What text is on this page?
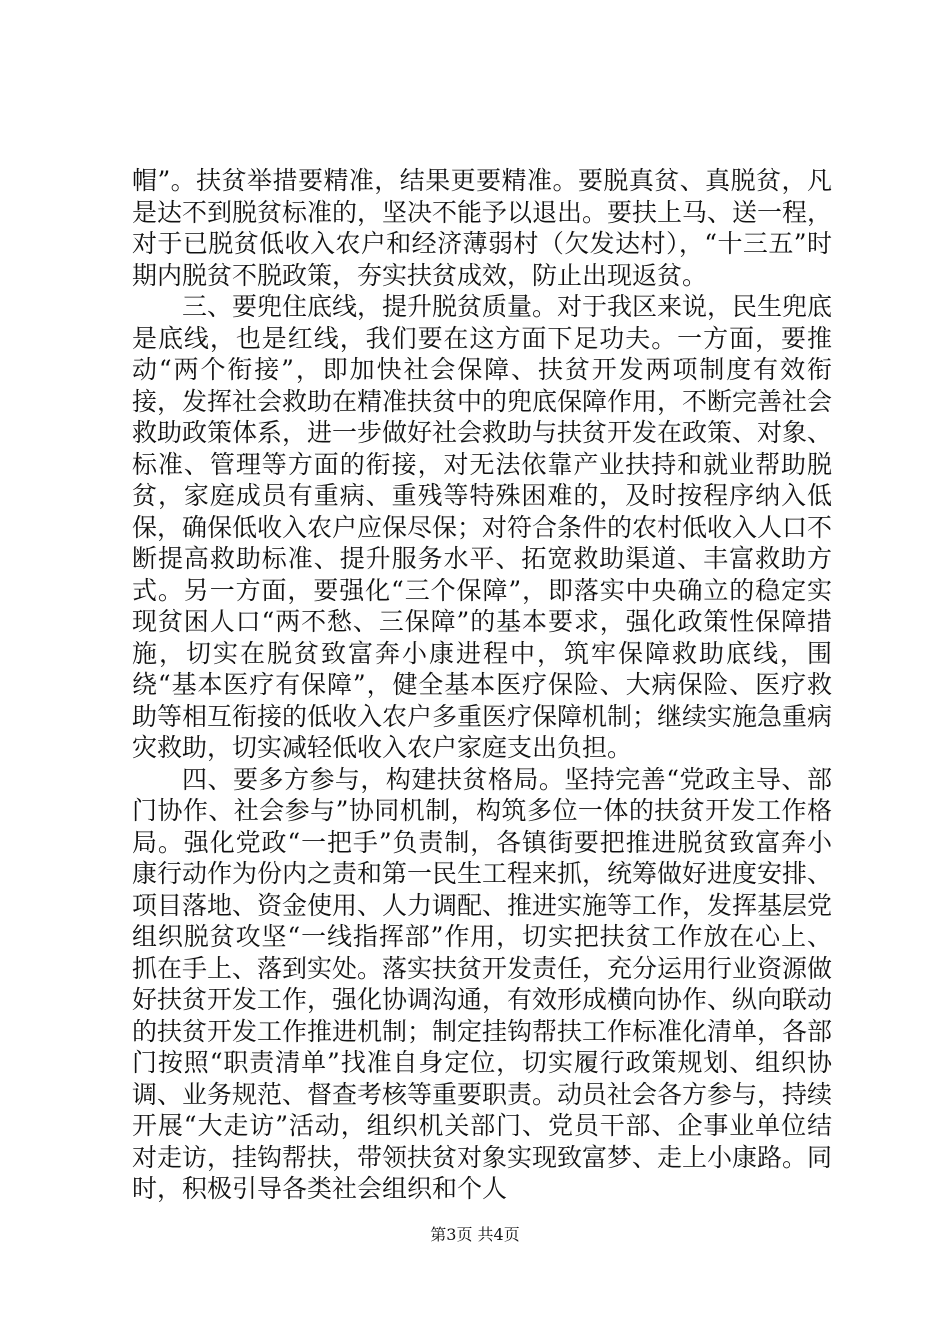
帽”。扶贫举措要精准，结果更要精准。要脱真贫、真脱贫，凡是达不到脱贫标准的，坚决不能予以退出。要扶上马、送一程，对于已脱贫低收入农户和经济薄弱村（欠发达村），“十三五”时期内脱贫不脱政策，夯实扶贫成效，防止出现返贫。

三、要兜住底线，提升脱贫质量。对于我区来说，民生兜底是底线，也是红线，我们要在这方面下足功夫。一方面，要推动“两个衔接”，即加快社会保障、扶贫开发两项制度有效衔接，发挥社会救助在精准扶贫中的兜底保障作用，不断完善社会救助政策体系，进一步做好社会救助与扶贫开发在政策、对象、标准、管理等方面的衔接，对无法依靠产业扶持和就业帮助脱贫，家庭成员有重病、重残等特殊困难的，及时按程序纳入低保，确保低收入农户应保尽保；对符合条件的农村低收入人口不断提高救助标准、提升服务水平、拓宽救助渠道、丰富救助方式。另一方面，要强化“三个保障”，即落实中央确立的稳定实现贫困人口“两不愁、三保障”的基本要求，强化政策性保障措施，切实在脱贫致富奔小康进程中，筑牢保障救助底线，围绕“基本医疗有保障”，健全基本医疗保险、大病保险、医疗救助等相互衔接的低收入农户多重医疗保障机制；继续实施急重病灾救助，切实减轻低收入农户家庭支出负担。

四、要多方参与，构建扶贫格局。坚持完善“党政主导、部门协作、社会参与”协同机制，构筑多位一体的扶贫开发工作格局。强化党政“一把手”负责制，各镇街要把推进脱贫致富奔小康行动作为份内之责和第一民生工程来抓，统筹做好进度安排、项目落地、资金使用、人力调配、推进实施等工作，发挥基层党组织脱贫攻坚“一线指挥部”作用，切实把扶贫工作放在心上、抓在手上、落到实处。落实扶贫开发责任，充分运用行业资源做好扶贫开发工作，强化协调沟通，有效形成横向协作、纵向联动的扶贫开发工作推进机制；制定挂钩帮扶工作标准化清单，各部门按照“职责清单”找准自身定位，切实履行政策规划、组织协调、业务规范、督查考核等重要职责。动员社会各方参与，持续开展“大走访”活动，组织机关部门、党员干部、企事业单位结对走访，挂钩帮扶，带领扶贫对象实现致富梦、走上小康路。同时，积极引导各类社会组织和个人

第3页 共4页
